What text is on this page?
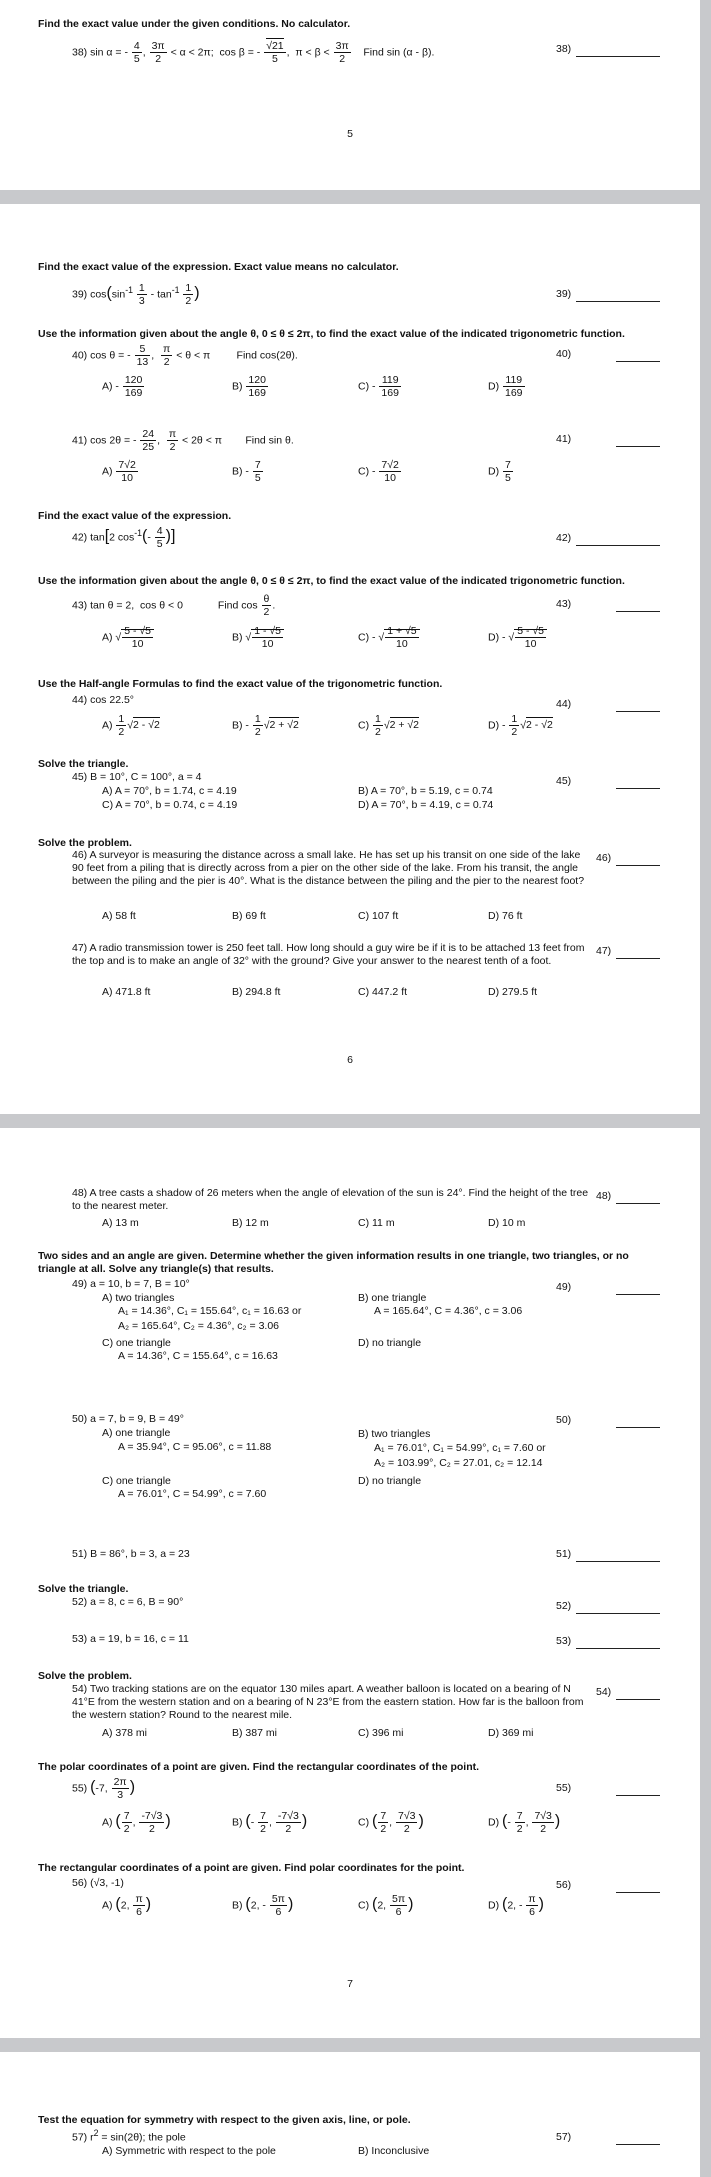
Find the exact value under the given conditions. No calculator.
38) sin α = - $\frac{4}{5}$ , $\frac{3\pi}{2} < \alpha < 2\pi$;  cos β = - $\frac{√21}{5}$ ,  $\pi < \beta < \frac{3\pi}{2}$ Find sin (α - β).	38)
5
Find the exact value of the expression. Exact value means no calculator.
39) $\cos(\sin^{-1} \frac{1}{3} - \tan^{-1} \frac{1}{2}$ )	39)
Use the information given about the angle θ, 0 ≤ θ ≤ 2π, to find the exact value of the indicated trigonometric function.
40) cos θ = - $\frac{5}{13}$ , $\frac{\pi}{2} < \theta < \pi$         Find cos(2θ).	40)
$A) - \frac{120}{169}$	$B) \frac{120}{169}$	$C) - \frac{119}{169}$	$D) \frac{119}{169}$
41) cos 2θ = - $\frac{24}{25}$ , $\frac{\pi}{2} < 2\theta < \pi$        Find sin θ.	41)
$A) \frac{7√2}{10}$	$B) - \frac{7}{5}$	$C) - \frac{7√2}{10}$	$D) \frac{7}{5}$
Find the exact value of the expression.
42) tan[2 $\cos^{-1}(- \frac{4}{5}$ )]	42)
Use the information given about the angle θ, 0 ≤ θ ≤ 2π, to find the exact value of the indicated trigonometric function.
43) tan θ = 2,  cos θ < 0            Find $\cos \frac{\theta}{2}$ .	43)
A) √ $\frac{5 - √5}{10}$	B) √ $\frac{1 - √5}{10}$	C) - √ $\frac{1 + √5}{10}$	D) - √ $\frac{5 - √5}{10}$
Use the Half-angle Formulas to find the exact value of the trigonometric function.
44) cos 22.5°	44)
$A) \frac{1}{2} √2 - √2$	$B) - \frac{1}{2} √2 + √2$	$C) \frac{1}{2} √2 + √2$	$D) - \frac{1}{2} √2 - √2$
Solve the triangle.
45) B = 10°, C = 100°, a = 4	45)
A) A = 70°, b = 1.74, c = 4.19	B) A = 70°, b = 5.19, c = 0.74
C) A = 70°, b = 0.74, c = 4.19	D) A = 70°, b = 4.19, c = 0.74
Solve the problem.
46) A surveyor is measuring the distance across a small lake. He has set up his transit on one side of the lake 90 feet from a piling that is directly across from a pier on the other side of the lake. From his transit, the angle between the piling and the pier is 40°. What is the distance between the piling and the pier to the nearest foot?
46)
A) 58 ft	B) 69 ft	C) 107 ft	D) 76 ft
47) A radio transmission tower is 250 feet tall. How long should a guy wire be if it is to be attached 13 feet from the top and is to make an angle of 32° with the ground? Give your answer to the nearest tenth of a foot.
47)
A) 471.8 ft	B) 294.8 ft	C) 447.2 ft	D) 279.5 ft
6
48) A tree casts a shadow of 26 meters when the angle of elevation of the sun is 24°. Find the height of the tree to the nearest meter.
48)
A) 13 m	B) 12 m	C) 11 m	D) 10 m
Two sides and an angle are given. Determine whether the given information results in one triangle, two triangles, or no triangle at all. Solve any triangle(s) that results.
49) a = 10, b = 7, B = 10°	49)
A) two triangles
A₁ = 14.36°, C₁ = 155.64°, c₁ = 16.63 or
A₂ = 165.64°, C₂ = 4.36°, c₂ = 3.06
B) one triangle
A = 165.64°, C = 4.36°, c = 3.06
C) one triangle
A = 14.36°, C = 155.64°, c = 16.63
D) no triangle
50) a = 7, b = 9, B = 49°	50)
A) one triangle
A = 35.94°, C = 95.06°, c = 11.88
B) two triangles
A₁ = 76.01°, C₁ = 54.99°, c₁ = 7.60 or
A₂ = 103.99°, C₂ = 27.01, c₂ = 12.14
C) one triangle
A = 76.01°, C = 54.99°, c = 7.60
D) no triangle
51) B = 86°, b = 3, a = 23	51)
Solve the triangle.
52) a = 8, c = 6, B = 90°	52)
53) a = 19, b = 16, c = 11	53)
Solve the problem.
54) Two tracking stations are on the equator 130 miles apart. A weather balloon is located on a bearing of N 41°E from the western station and on a bearing of N 23°E from the eastern station. How far is the balloon from the western station? Round to the nearest mile.
54)
A) 378 mi	B) 387 mi	C) 396 mi	D) 369 mi
The polar coordinates of a point are given. Find the rectangular coordinates of the point.
55) (-7, $\frac{2\pi}{3}$ )	55)
A) ( $\frac{7}{2}$ , $\frac{-7√3}{2}$ )	B) (- $\frac{7}{2}$ , $\frac{-7√3}{2}$ )	C) ( $\frac{7}{2}$ , $\frac{7√3}{2}$ )	D) (- $\frac{7}{2}$ , $\frac{7√3}{2}$ )
The rectangular coordinates of a point are given. Find polar coordinates for the point.
56) (√3, -1)	56)
A) (2, $\frac{\pi}{6}$ )	B) (2, - $\frac{5\pi}{6}$ )	C) (2, $\frac{5\pi}{6}$ )	D) (2, - $\frac{\pi}{6}$ )
7
Test the equation for symmetry with respect to the given axis, line, or pole.
57) $r^2 = \sin(2\theta)$; the pole	57)
A) Symmetric with respect to the pole	B) Inconclusive
